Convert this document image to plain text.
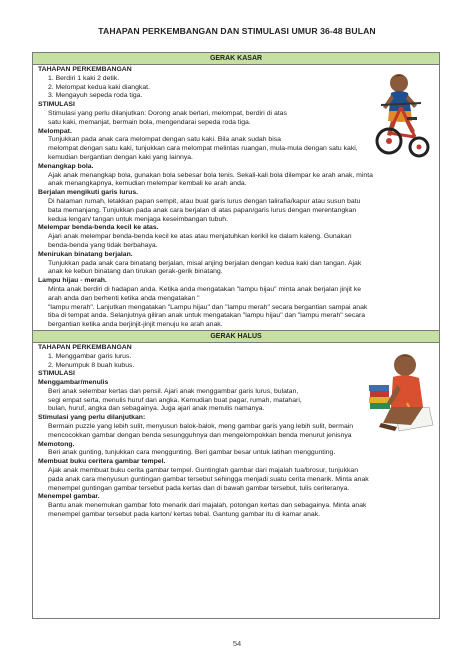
TAHAPAN PERKEMBANGAN DAN STIMULASI UMUR 36-48 BULAN
GERAK KASAR

TAHAPAN PERKEMBANGAN

1. Berdiri 1 kaki 2 detik.
2. Melompat kedua kaki diangkat.
3. Mengayuh sepeda roda tiga.

STIMULASI

Stimulasi yang perlu dilanjutkan: Dorong anak berlari, melompat, berdiri di atas

satu kaki, memanjat, bermain bola, mengendarai sepeda roda tiga.

Melompat.

Tunjukkan pada anak cara melompat dengan satu kaki. Bila anak sudah bisa

melompat dengan satu kaki, tunjukkan cara melompat melintas ruangan, mula-mula dengan satu kaki,

kemudian bergantian dengan kaki yang lainnya.

Menangkap bola.

Ajak anak menangkap bola, gunakan bola sebesar bola tenis. Sekali-kali bola dilempar ke arah anak, minta

anak menangkapnya, kemudian melempar kembali ke arah anda.

Berjalan mengikuti garis lurus.

Di halaman rumah, letakkan papan sempit, atau buat garis lurus dengan talirafia/kapur atau susun batu

bata memanjang. Tunjukkan pada anak cara berjalan di atas papan/garis lurus dengan merentangkan

kedua lengan/ tangan untuk menjaga keseimbangan tubuh.

Melempar benda-benda kecil ke atas.

Ajari anak melempar benda-benda kecil ke atas atau menjatuhkan kerikil ke dalam kaleng. Gunakan

benda-benda yang tidak berbahaya.

Menirukan binatang berjalan.

Tunjukkan pada anak cara binatang berjalan, misal anjing berjalan dengan kedua kaki dan tangan. Ajak

anak ke kebun binatang dan tirukan gerak-gerik binatang.

Lampu hijau - merah.

Minta anak berdiri di hadapan anda. Ketika anda mengatakan "lampu hijau" minta anak berjalan jinjit ke

arah anda dan berhenti ketika anda mengatakan "

"lampu merah". Lanjutkan mengatakan "Lampu hijau" dan "lampu merah" secara bergantian sampai anak

tiba di tempat anda. Selanjutnya giliran anak untuk mengatakan "lampu hijau" dan "lampu merah" secara

bergantian ketika anda berjinjit-jinjit menuju ke arah anak.

GERAK HALUS

TAHAPAN PERKEMBANGAN

1. Menggambar garis lurus.
2. Menumpuk 8 buah kubus.

STIMULASI

Menggambar/menulis

Beri anak selembar kertas dan pensil. Ajari anak menggambar garis lurus, bulatan,

segi empat serta, menulis huruf dan angka. Kemudian buat pagar, rumah, matahari,

bulan, huruf, angka dan sebagainya. Juga ajari anak menulis namanya.

Stimulasi yang perlu dilanjutkan:

Bermain puzzle yang lebih sulit, menyusun balok-balok, meng gambar garis yang lebih sulit, bermain

mencocokkan gambar dengan benda sesungguhnya dan mengelompokkan benda menurut jenisnya

Memotong.

Beri anak gunting, tunjukkan cara menggunting. Beri gambar besar untuk latihan menggunting.

Membuat buku ceritera gambar tempel.

Ajak anak membuat buku cerita gambar tempel. Guntinglah gambar dari majalah tua/brosur, tunjukkan

pada anak cara menyusun guntingan gambar tersebut sehingga menjadi suatu cerita menarik. Minta anak

menempel guntingan gambar tersebut pada kertas dan di bawah gambar tersebut, tulis ceriteranya.

Menempel gambar.

Bantu anak menemukan gambar foto menarik dari majalah, potongan kertas dan sebagainya. Minta anak

menempel gambar tersebut pada karton/ kertas tebal. Gantung gambar itu di kamar anak.

54
